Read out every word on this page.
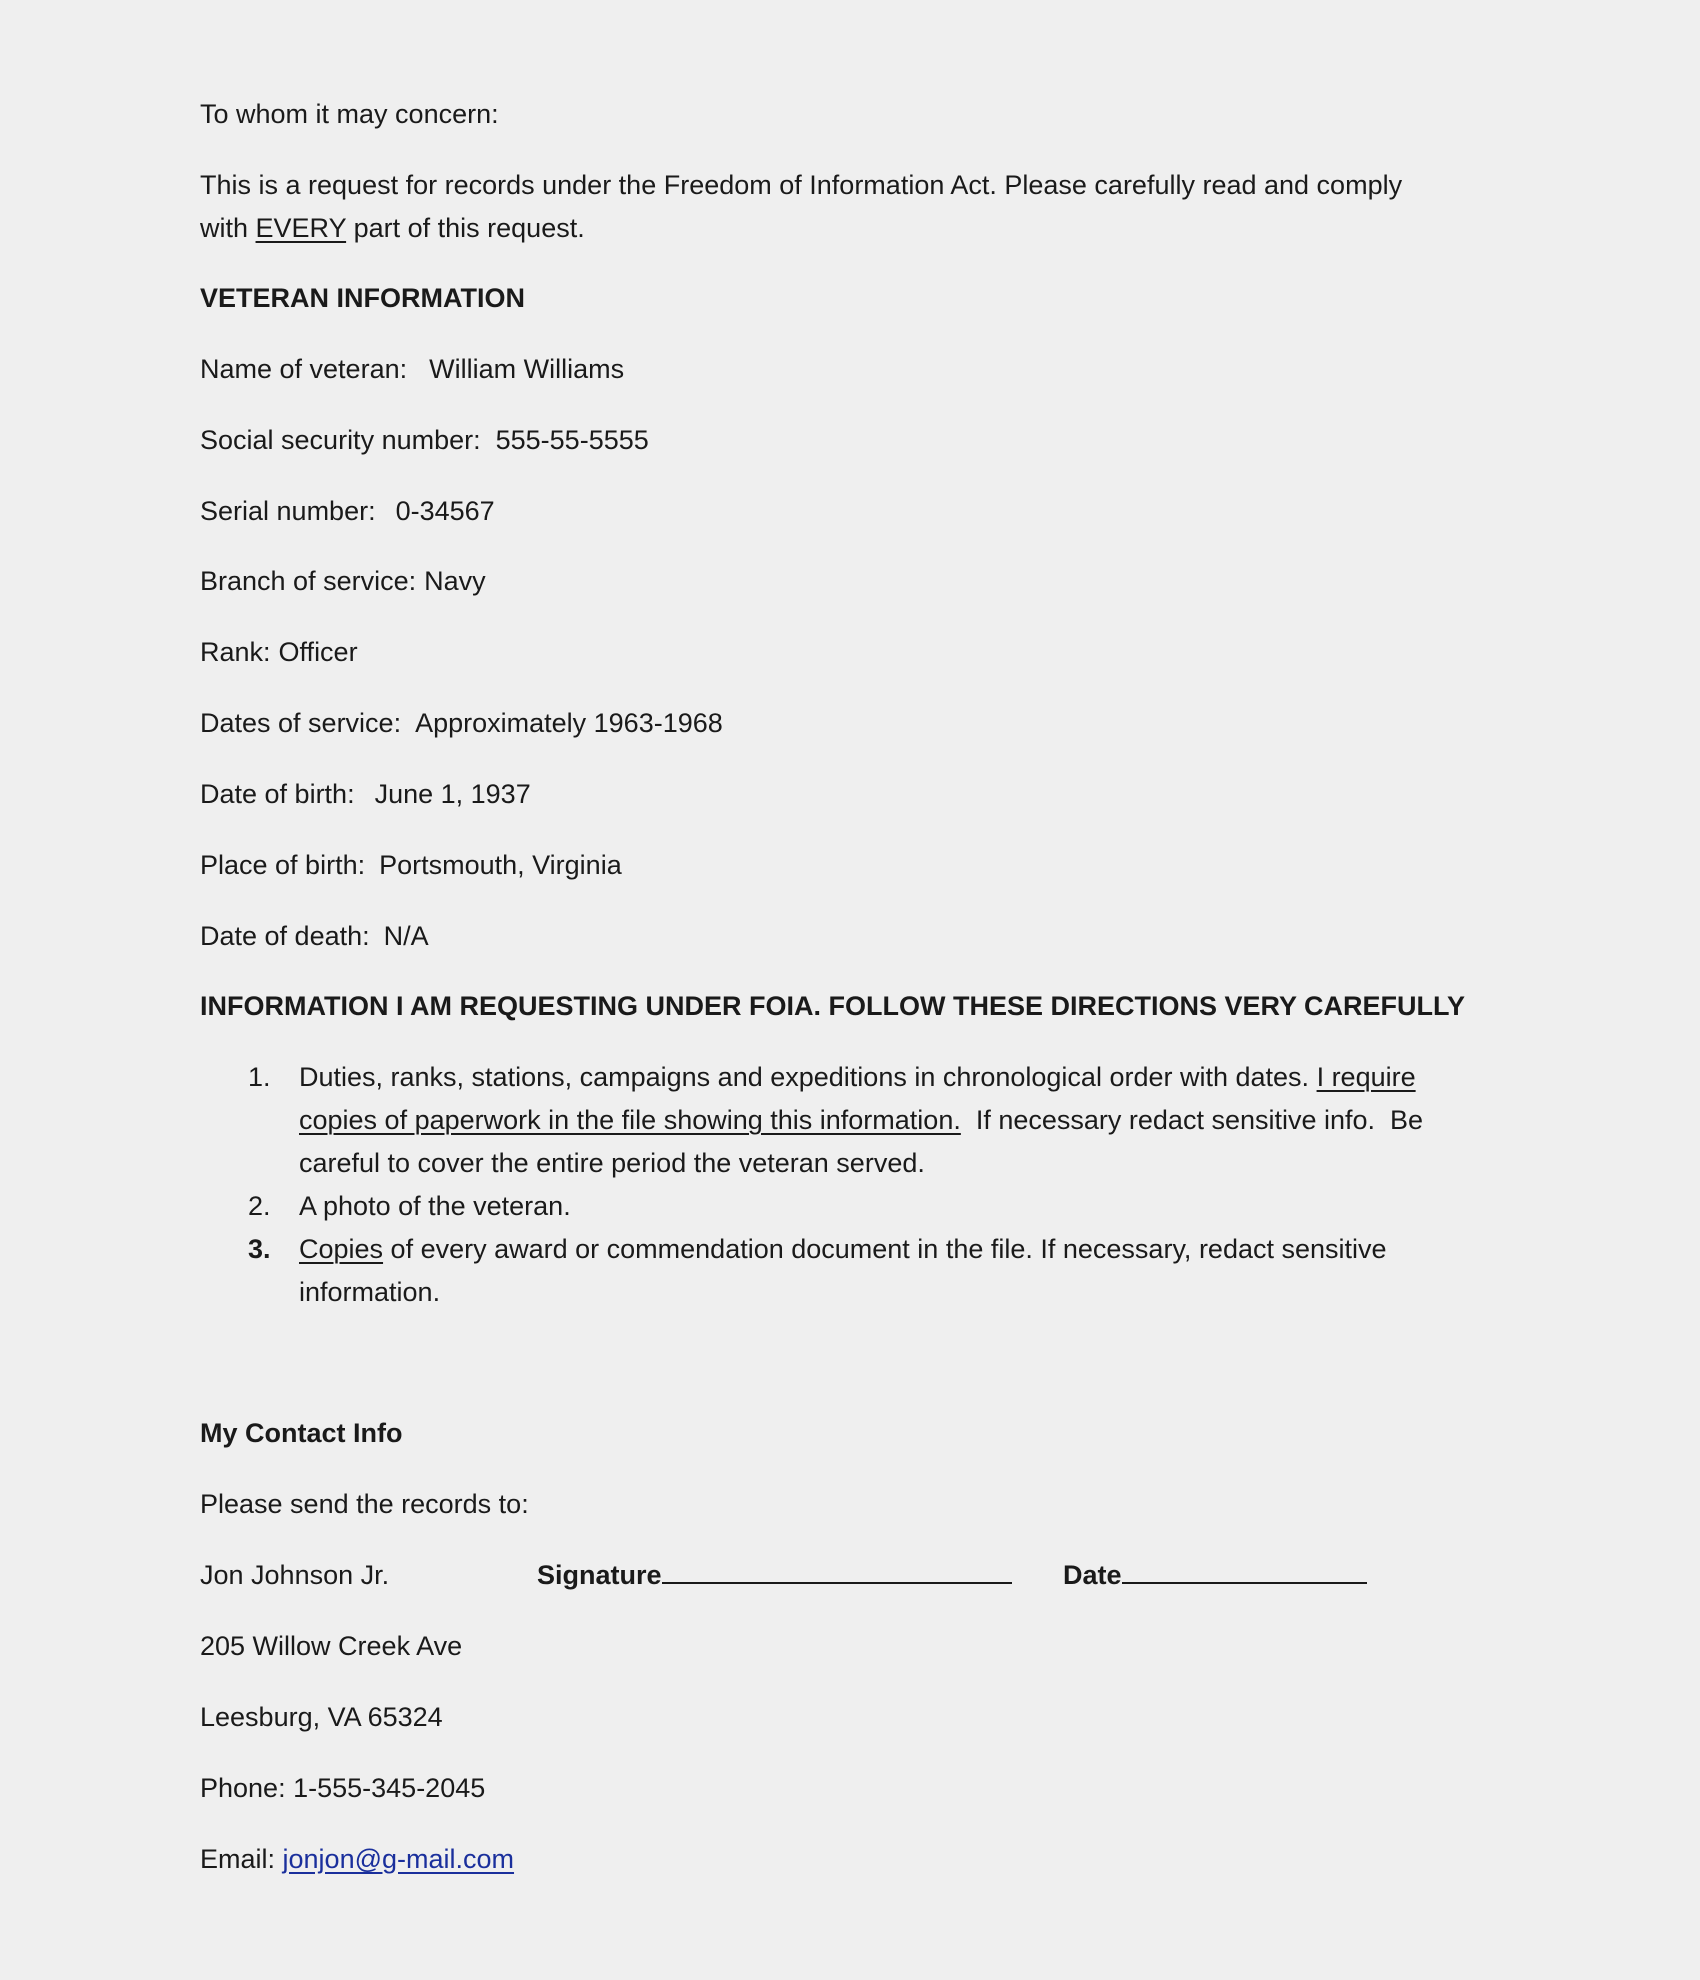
To whom it may concern:
This is a request for records under the Freedom of Information Act. Please carefully read and comply
with EVERY part of this request.
VETERAN INFORMATION
Name of veteran: William Williams
Social security number: 555-55-5555
Serial number: 0-34567
Branch of service: Navy
Rank: Officer
Dates of service: Approximately 1963-1968
Date of birth: June 1, 1937
Place of birth: Portsmouth, Virginia
Date of death: N/A
INFORMATION I AM REQUESTING UNDER FOIA. FOLLOW THESE DIRECTIONS VERY CAREFULLY
1. Duties, ranks, stations, campaigns and expeditions in chronological order with dates. I require
copies of paperwork in the file showing this information.  If necessary redact sensitive info.  Be
careful to cover the entire period the veteran served.
2. A photo of the veteran.
3. Copies of every award or commendation document in the file. If necessary, redact sensitive
information.
My Contact Info
Please send the records to:
Jon Johnson Jr.	Signature	Date
205 Willow Creek Ave
Leesburg, VA 65324
Phone: 1-555-345-2045
Email: jonjon@g-mail.com
